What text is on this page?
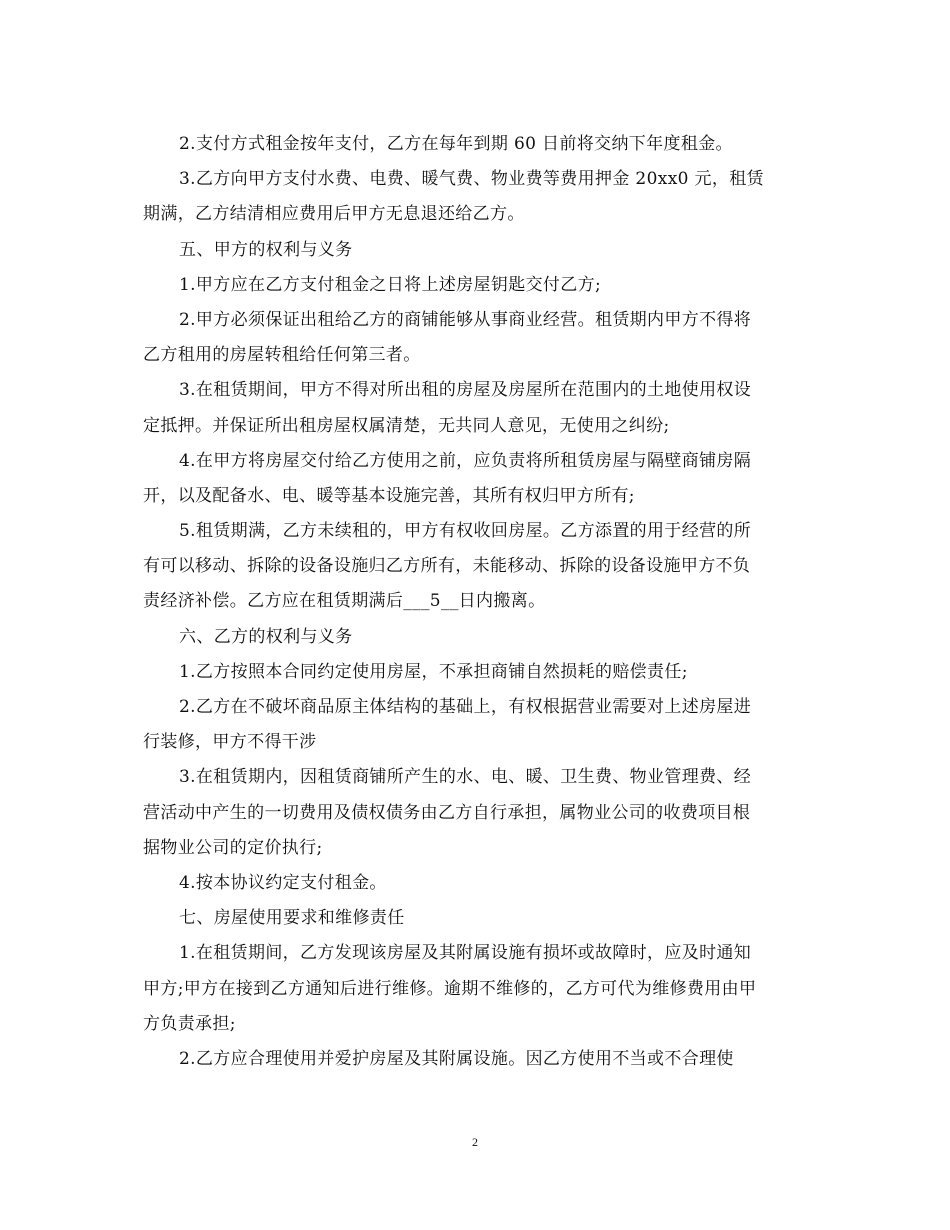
2.支付方式租金按年支付，乙方在每年到期 60 日前将交纳下年度租金。
3.乙方向甲方支付水费、电费、暖气费、物业费等费用押金 20xx0 元，租赁
期满，乙方结清相应费用后甲方无息退还给乙方。
五、甲方的权利与义务
1.甲方应在乙方支付租金之日将上述房屋钥匙交付乙方;
2.甲方必须保证出租给乙方的商铺能够从事商业经营。租赁期内甲方不得将
乙方租用的房屋转租给任何第三者。
3.在租赁期间，甲方不得对所出租的房屋及房屋所在范围内的土地使用权设
定抵押。并保证所出租房屋权属清楚，无共同人意见，无使用之纠纷;
4.在甲方将房屋交付给乙方使用之前，应负责将所租赁房屋与隔壁商铺房隔
开，以及配备水、电、暖等基本设施完善，其所有权归甲方所有;
5.租赁期满，乙方未续租的，甲方有权收回房屋。乙方添置的用于经营的所
有可以移动、拆除的设备设施归乙方所有，未能移动、拆除的设备设施甲方不负
责经济补偿。乙方应在租赁期满后___5__日内搬离。
六、乙方的权利与义务
1.乙方按照本合同约定使用房屋，不承担商铺自然损耗的赔偿责任;
2.乙方在不破坏商品原主体结构的基础上，有权根据营业需要对上述房屋进
行装修，甲方不得干涉
3.在租赁期内，因租赁商铺所产生的水、电、暖、卫生费、物业管理费、经
营活动中产生的一切费用及债权债务由乙方自行承担，属物业公司的收费项目根
据物业公司的定价执行;
4.按本协议约定支付租金。
七、房屋使用要求和维修责任
1.在租赁期间，乙方发现该房屋及其附属设施有损坏或故障时，应及时通知
甲方;甲方在接到乙方通知后进行维修。逾期不维修的，乙方可代为维修费用由甲
方负责承担;
2.乙方应合理使用并爱护房屋及其附属设施。因乙方使用不当或不合理使
2
